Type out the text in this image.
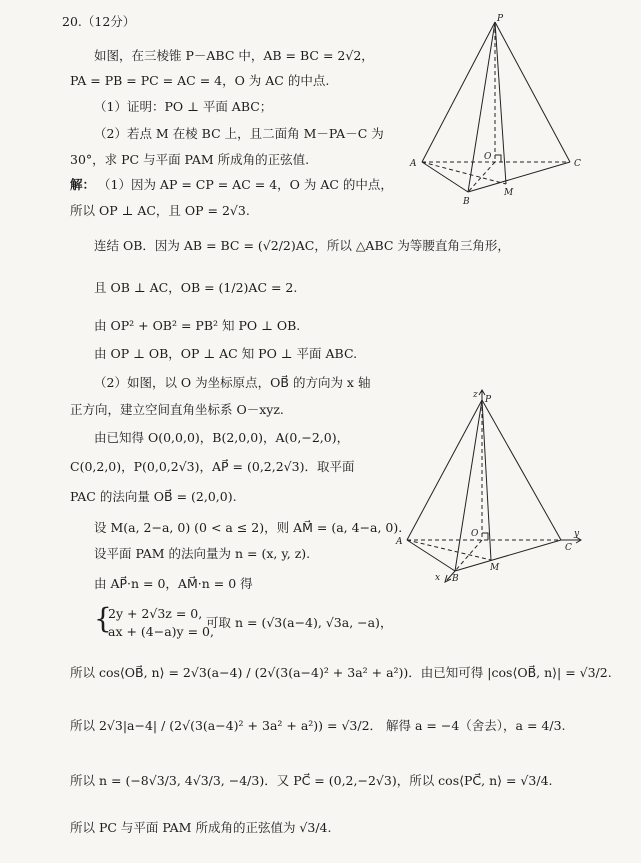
20.（12分）
如图，在三棱锥 P－ABC 中，AB = BC = 2√2，
PA = PB = PC = AC = 4，O 为 AC 的中点.
（1）证明：PO ⊥ 平面 ABC；
（2）若点 M 在棱 BC 上，且二面角 M－PA－C 为
30°，求 PC 与平面 PAM 所成角的正弦值.
解： （1）因为 AP = CP = AC = 4，O 为 AC 的中点，
所以 OP ⊥ AC，且 OP = 2√3.
连结 OB．因为 AB = BC = (√2/2)AC，所以 △ABC 为等腰直角三角形，
且 OB ⊥ AC，OB = (1/2)AC = 2.
由 OP² + OB² = PB² 知 PO ⊥ OB.
由 OP ⊥ OB，OP ⊥ AC 知 PO ⊥ 平面 ABC.
（2）如图，以 O 为坐标原点，OB⃗ 的方向为 x 轴
正方向，建立空间直角坐标系 O－xyz.
由已知得 O(0,0,0)，B(2,0,0)，A(0,−2,0)，
C(0,2,0)，P(0,0,2√3)，AP⃗ = (0,2,2√3)．取平面
PAC 的法向量 OB⃗ = (2,0,0).
设 M(a, 2−a, 0) (0 < a ≤ 2)，则 AM⃗ = (a, 4−a, 0).
设平面 PAM 的法向量为 n = (x, y, z).
由 AP⃗·n = 0，AM⃗·n = 0 得
{
2y + 2√3z = 0,
ax + (4−a)y = 0,
可取 n = (√3(a−4), √3a, −a)，
所以 cos⟨OB⃗, n⟩ = 2√3(a−4) / (2√(3(a−4)² + 3a² + a²))．由已知可得 |cos⟨OB⃗, n⟩| = √3/2.
所以 2√3|a−4| / (2√(3(a−4)² + 3a² + a²)) = √3/2． 解得 a = −4（舍去），a = 4/3.
所以 n = (−8√3/3, 4√3/3, −4/3)．又 PC⃗ = (0,2,−2√3)，所以 cos⟨PC⃗, n⟩ = √3/4.
所以 PC 与平面 PAM 所成角的正弦值为 √3/4.
P
A
B
C
O
M
z
y
x
P
A
B
C
O
M
